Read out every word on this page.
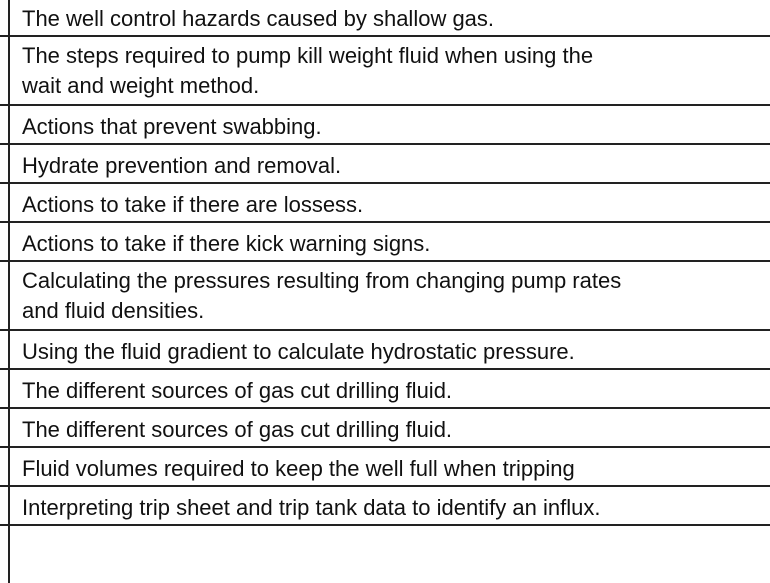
The well control hazards caused by shallow gas.
The steps required to pump kill weight fluid when using the
wait and weight method.
Actions that prevent swabbing.
Hydrate prevention and removal.
Actions to take if there are lossess.
Actions to take if there kick warning signs.
Calculating the pressures resulting from changing pump rates
and fluid densities.
Using the fluid gradient to calculate hydrostatic pressure.
The different sources of gas cut drilling fluid.
The different sources of gas cut drilling fluid.
Fluid volumes required to keep the well full when tripping
Interpreting trip sheet and trip tank data to identify an influx.
